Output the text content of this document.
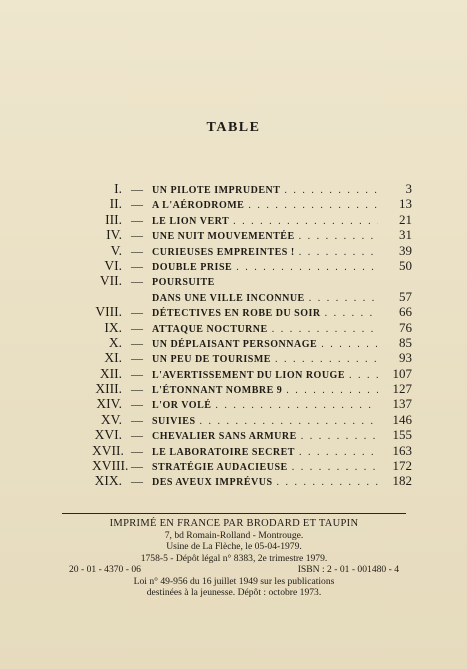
TABLE
I. — UN PILOTE IMPRUDENT . . .	3
II. — A L'AÉRODROME . . .	13
III. — LE LION VERT . . .	21
IV. — UNE NUIT MOUVEMENTÉE . . .	31
V. — CURIEUSES EMPREINTES ! . . .	39
VI. — DOUBLE PRISE . . .	50
VII. — POURSUITE
DANS UNE VILLE INCONNUE . . .	57
VIII. — DÉTECTIVES EN ROBE DU SOIR . . .	66
IX. — ATTAQUE NOCTURNE . . .	76
X. — UN DÉPLAISANT PERSONNAGE . . .	85
XI. — UN PEU DE TOURISME . . .	93
XII. — L'AVERTISSEMENT DU LION ROUGE . . .	107
XIII. — L'ÉTONNANT NOMBRE 9 . . .	127
XIV. — L'OR VOLÉ . . .	137
XV. — SUIVIES . . .	146
XVI. — CHEVALIER SANS ARMURE . . .	155
XVII. — LE LABORATOIRE SECRET . . .	163
XVIII. — STRATÉGIE AUDACIEUSE . . .	172
XIX. — DES AVEUX IMPRÉVUS . . .	182
IMPRIMÉ EN FRANCE PAR BRODARD ET TAUPIN
7, bd Romain-Rolland - Montrouge.
Usine de La Flèche, le 05-04-1979.
1758-5 - Dépôt légal n° 8383, 2e trimestre 1979.
20 - 01 - 4370 - 06	ISBN : 2 - 01 - 001480 - 4
Loi n° 49-956 du 16 juillet 1949 sur les publications
destinées à la jeunesse. Dépôt : octobre 1973.
